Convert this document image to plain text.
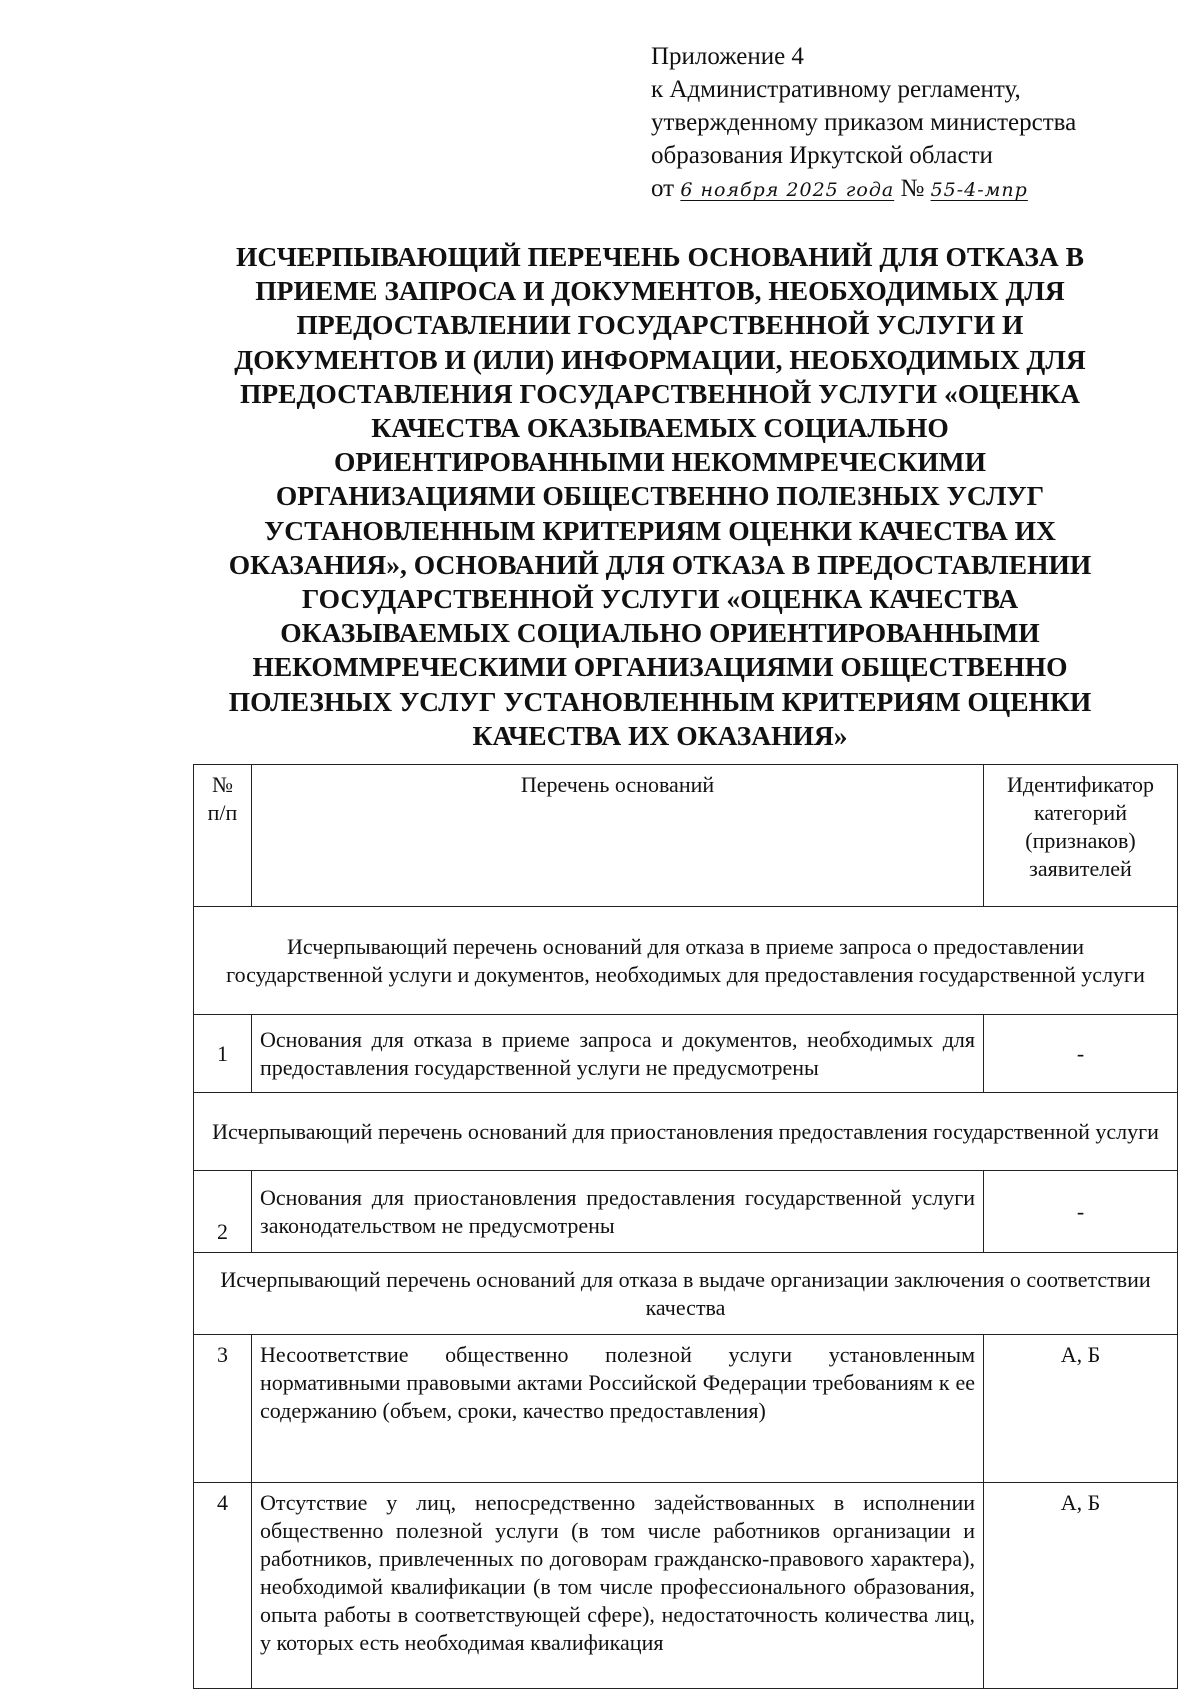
Приложение 4
к Административному регламенту,
утвержденному приказом министерства
образования Иркутской области
от 6 ноября 2025 года № 55-4-мпр
ИСЧЕРПЫВАЮЩИЙ ПЕРЕЧЕНЬ ОСНОВАНИЙ ДЛЯ ОТКАЗА В
ПРИЕМЕ ЗАПРОСА И ДОКУМЕНТОВ, НЕОБХОДИМЫХ ДЛЯ
ПРЕДОСТАВЛЕНИИ ГОСУДАРСТВЕННОЙ УСЛУГИ И
ДОКУМЕНТОВ И (ИЛИ) ИНФОРМАЦИИ, НЕОБХОДИМЫХ ДЛЯ
ПРЕДОСТАВЛЕНИЯ ГОСУДАРСТВЕННОЙ УСЛУГИ «ОЦЕНКА
КАЧЕСТВА ОКАЗЫВАЕМЫХ СОЦИАЛЬНО
ОРИЕНТИРОВАННЫМИ НЕКОММРЕЧЕСКИМИ
ОРГАНИЗАЦИЯМИ ОБЩЕСТВЕННО ПОЛЕЗНЫХ УСЛУГ
УСТАНОВЛЕННЫМ КРИТЕРИЯМ ОЦЕНКИ КАЧЕСТВА ИХ
ОКАЗАНИЯ», ОСНОВАНИЙ ДЛЯ ОТКАЗА В ПРЕДОСТАВЛЕНИИ
ГОСУДАРСТВЕННОЙ УСЛУГИ «ОЦЕНКА КАЧЕСТВА
ОКАЗЫВАЕМЫХ СОЦИАЛЬНО ОРИЕНТИРОВАННЫМИ
НЕКОММРЕЧЕСКИМИ ОРГАНИЗАЦИЯМИ ОБЩЕСТВЕННО
ПОЛЕЗНЫХ УСЛУГ УСТАНОВЛЕННЫМ КРИТЕРИЯМ ОЦЕНКИ
КАЧЕСТВА ИХ ОКАЗАНИЯ»
№ п/п	Перечень оснований	Идентификатор категорий (признаков) заявителей
Исчерпывающий перечень оснований для отказа в приеме запроса о предоставлении государственной услуги и документов, необходимых для предоставления государственной услуги		
1	Основания для отказа в приеме запроса и документов, необходимых для предоставления государственной услуги не предусмотрены	-
Исчерпывающий перечень оснований для приостановления предоставления государственной услуги		
2	Основания для приостановления предоставления государственной услуги законодательством не предусмотрены	-
Исчерпывающий перечень оснований для отказа в выдаче организации заключения о соответствии качества		
3	Несоответствие общественно полезной услуги установленным нормативными правовыми актами Российской Федерации требованиям к ее содержанию (объем, сроки, качество предоставления)	А, Б
4	Отсутствие у лиц, непосредственно задействованных в исполнении общественно полезной услуги (в том числе работников организации и работников, привлеченных по договорам гражданско-правового характера), необходимой квалификации (в том числе профессионального образования, опыта работы в соответствующей сфере), недостаточность количества лиц, у которых есть необходимая квалификация	А, Б
